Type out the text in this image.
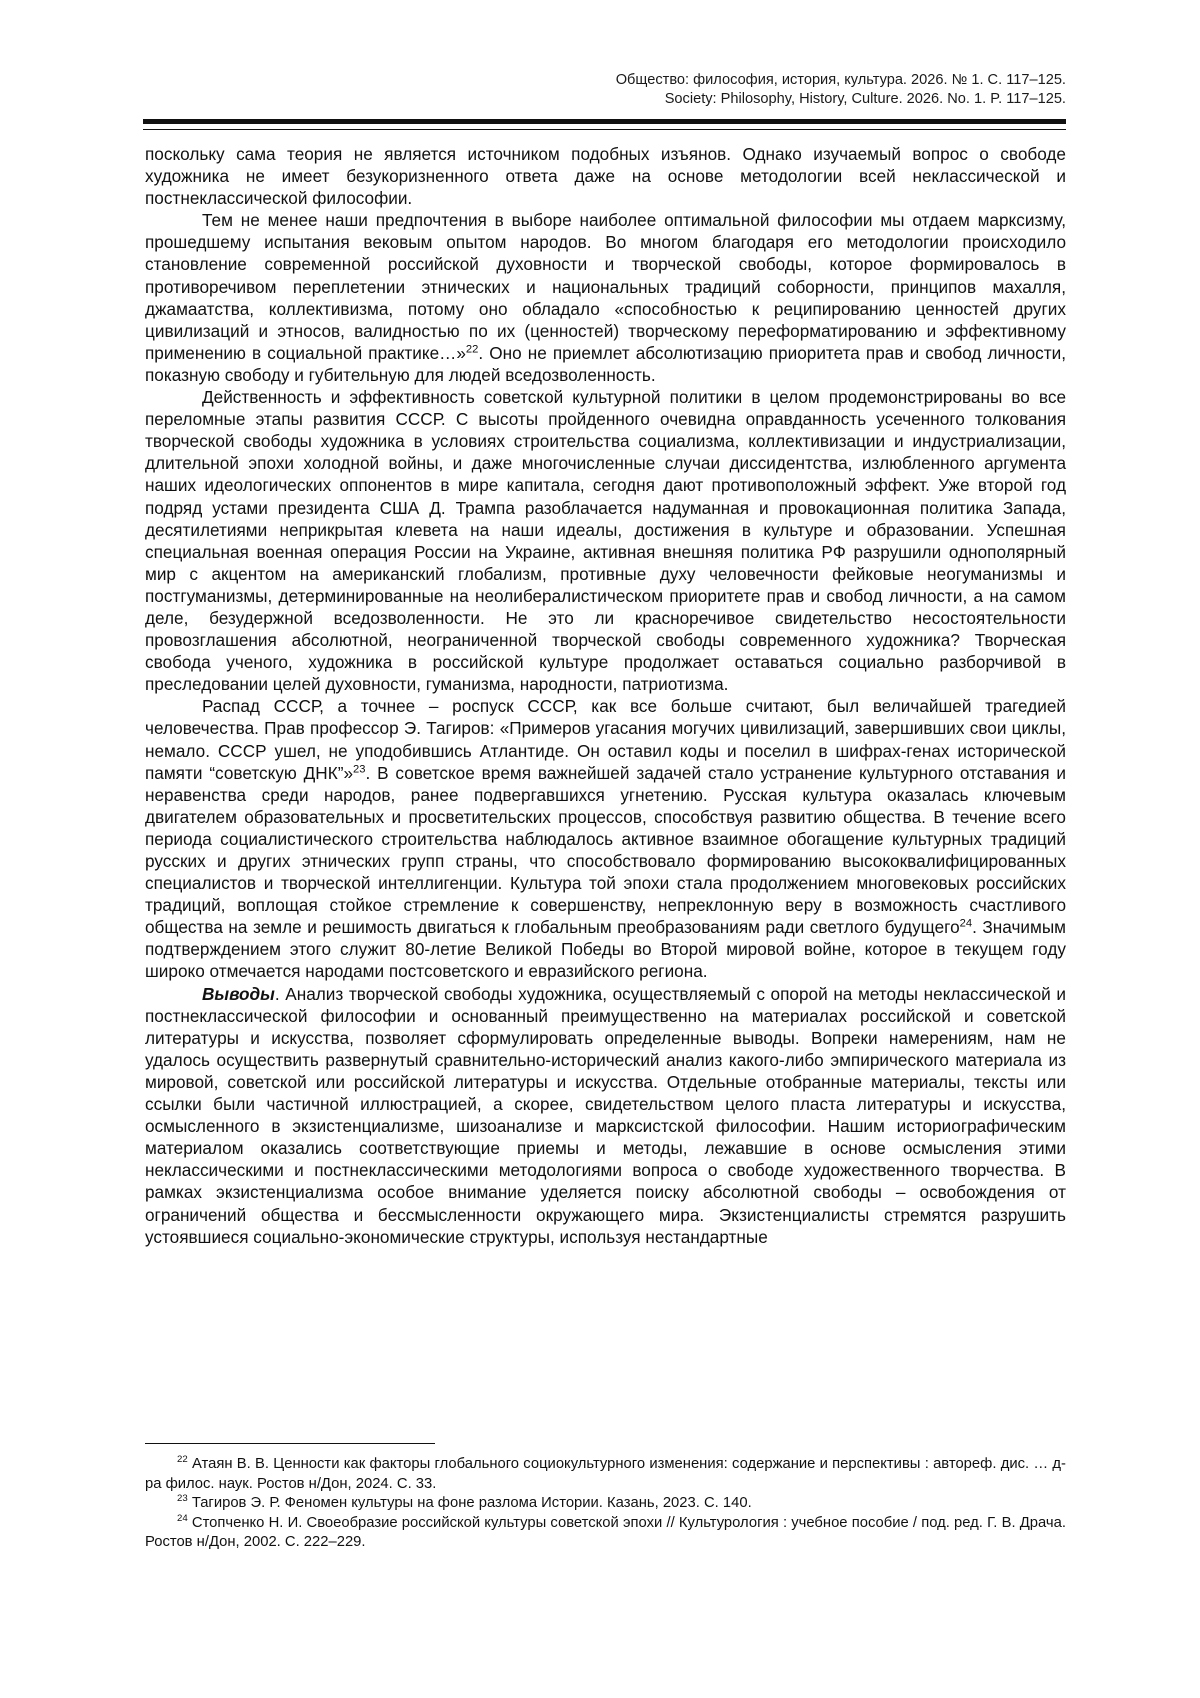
Общество: философия, история, культура. 2026. № 1. С. 117–125.
Society: Philosophy, History, Culture. 2026. No. 1. P. 117–125.

поскольку сама теория не является источником подобных изъянов. Однако изучаемый вопрос о свободе художника не имеет безукоризненного ответа даже на основе методологии всей неклассической и постнеклассической философии.

Тем не менее наши предпочтения в выборе наиболее оптимальной философии мы отдаем марксизму, прошедшему испытания вековым опытом народов. Во многом благодаря его методологии происходило становление современной российской духовности и творческой свободы, которое формировалось в противоречивом переплетении этнических и национальных традиций соборности, принципов махалля, джамаатства, коллективизма, потому оно обладало «способностью к реципированию ценностей других цивилизаций и этносов, валидностью по их (ценностей) творческому переформатированию и эффективному применению в социальной практике…»$^{22}$. Оно не приемлет абсолютизацию приоритета прав и свобод личности, показную свободу и губительную для людей вседозволенность.

Действенность и эффективность советской культурной политики в целом продемонстрированы во все переломные этапы развития СССР. С высоты пройденного очевидна оправданность усеченного толкования творческой свободы художника в условиях строительства социализма, коллективизации и индустриализации, длительной эпохи холодной войны, и даже многочисленные случаи диссидентства, излюбленного аргумента наших идеологических оппонентов в мире капитала, сегодня дают противоположный эффект. Уже второй год подряд устами президента США Д. Трампа разоблачается надуманная и провокационная политика Запада, десятилетиями неприкрытая клевета на наши идеалы, достижения в культуре и образовании. Успешная специальная военная операция России на Украине, активная внешняя политика РФ разрушили однополярный мир с акцентом на американский глобализм, противные духу человечности фейковые неогуманизмы и постгуманизмы, детерминированные на неолибералистическом приоритете прав и свобод личности, а на самом деле, безудержной вседозволенности. Не это ли красноречивое свидетельство несостоятельности провозглашения абсолютной, неограниченной творческой свободы современного художника? Творческая свобода ученого, художника в российской культуре продолжает оставаться социально разборчивой в преследовании целей духовности, гуманизма, народности, патриотизма.

Распад СССР, а точнее – роспуск СССР, как все больше считают, был величайшей трагедией человечества. Прав профессор Э. Тагиров: «Примеров угасания могучих цивилизаций, завершивших свои циклы, немало. СССР ушел, не уподобившись Атлантиде. Он оставил коды и поселил в шифрах-генах исторической памяти “советскую ДНК”»$^{23}$. В советское время важнейшей задачей стало устранение культурного отставания и неравенства среди народов, ранее подвергавшихся угнетению. Русская культура оказалась ключевым двигателем образовательных и просветительских процессов, способствуя развитию общества. В течение всего периода социалистического строительства наблюдалось активное взаимное обогащение культурных традиций русских и других этнических групп страны, что способствовало формированию высококвалифицированных специалистов и творческой интеллигенции. Культура той эпохи стала продолжением многовековых российских традиций, воплощая стойкое стремление к совершенству, непреклонную веру в возможность счастливого общества на земле и решимость двигаться к глобальным преобразованиям ради светлого будущего$^{24}$. Значимым подтверждением этого служит 80-летие Великой Победы во Второй мировой войне, которое в текущем году широко отмечается народами постсоветского и евразийского региона.

Выводы. Анализ творческой свободы художника, осуществляемый с опорой на методы неклассической и постнеклассической философии и основанный преимущественно на материалах российской и советской литературы и искусства, позволяет сформулировать определенные выводы. Вопреки намерениям, нам не удалось осуществить развернутый сравнительно-исторический анализ какого-либо эмпирического материала из мировой, советской или российской литературы и искусства. Отдельные отобранные материалы, тексты или ссылки были частичной иллюстрацией, а скорее, свидетельством целого пласта литературы и искусства, осмысленного в экзистенциализме, шизоанализе и марксистской философии. Нашим историографическим материалом оказались соответствующие приемы и методы, лежавшие в основе осмысления этими неклассическими и постнеклассическими методологиями вопроса о свободе художественного творчества. В рамках экзистенциализма особое внимание уделяется поиску абсолютной свободы – освобождения от ограничений общества и бессмысленности окружающего мира. Экзистенциалисты стремятся разрушить устоявшиеся социально-экономические структуры, используя нестандартные

$^{22}$ Атаян В. В. Ценности как факторы глобального социокультурного изменения: содержание и перспективы : автореф. дис. … д-ра филос. наук. Ростов н/Дон, 2024. С. 33.

$^{23}$ Тагиров Э. Р. Феномен культуры на фоне разлома Истории. Казань, 2023. С. 140.

$^{24}$ Стопченко Н. И. Своеобразие российской культуры советской эпохи // Культурология : учебное пособие / под. ред. Г. В. Драча. Ростов н/Дон, 2002. С. 222–229.
